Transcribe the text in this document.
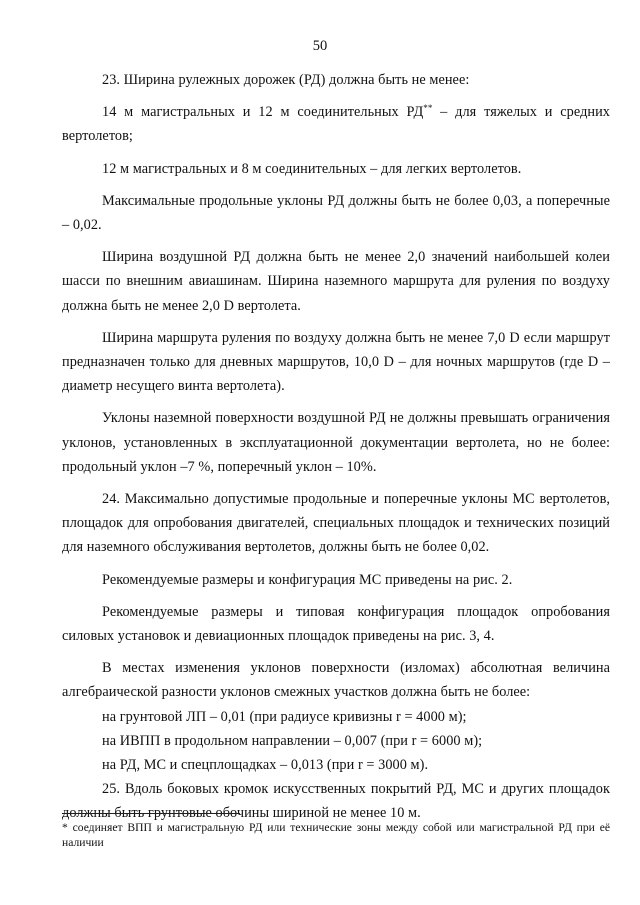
50

23. Ширина рулежных дорожек (РД) должна быть не менее:

14 м магистральных и 12 м соединительных РД** – для тяжелых и средних вертолетов;

12 м магистральных и 8 м соединительных – для легких вертолетов.

Максимальные продольные уклоны РД должны быть не более 0,03, а поперечные – 0,02.

Ширина воздушной РД должна быть не менее 2,0 значений наибольшей колеи шасси по внешним авиашинам. Ширина наземного маршрута для руления по воздуху должна быть не менее 2,0 D вертолета.

Ширина маршрута руления по воздуху должна быть не менее 7,0 D если маршрут предназначен только для дневных маршрутов, 10,0 D – для ночных маршрутов (где D – диаметр несущего винта вертолета).

Уклоны наземной поверхности воздушной РД не должны превышать ограничения уклонов, установленных в эксплуатационной документации вертолета, но не более: продольный уклон –7 %, поперечный уклон – 10%.

24. Максимально допустимые продольные и поперечные уклоны МС вертолетов, площадок для опробования двигателей, специальных площадок и технических позиций для наземного обслуживания вертолетов, должны быть не более 0,02.

Рекомендуемые размеры и конфигурация МС приведены на рис. 2.

Рекомендуемые размеры и типовая конфигурация площадок опробования силовых установок и девиационных площадок приведены на рис. 3, 4.

В местах изменения уклонов поверхности (изломах) абсолютная величина алгебраической разности уклонов смежных участков должна быть не более:

на грунтовой ЛП – 0,01 (при радиусе кривизны r = 4000 м);

на ИВПП в продольном направлении – 0,007 (при r = 6000 м);

на РД, МС и спецплощадках – 0,013 (при r = 3000 м).

25. Вдоль боковых кромок искусственных покрытий РД, МС и других площадок должны быть грунтовые обочины шириной не менее 10 м.

* соединяет ВПП и магистральную РД или технические зоны между собой или магистральной РД при её наличии
